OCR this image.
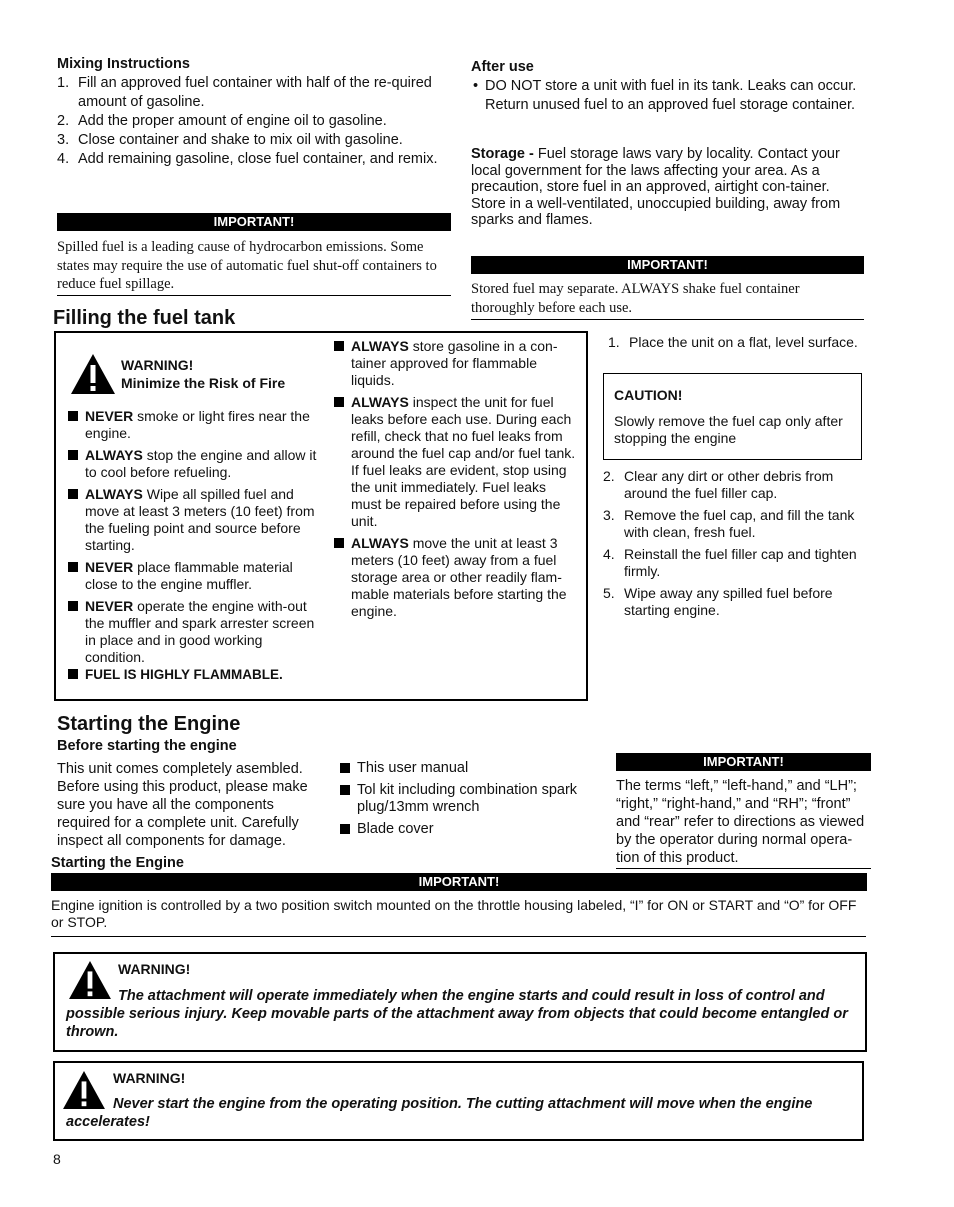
Mixing Instructions
1. Fill an approved fuel container with half of the re-quired amount of gasoline.
2. Add the proper amount of engine oil to gasoline.
3. Close container and shake to mix oil with gasoline.
4. Add remaining gasoline, close fuel container, and remix.
IMPORTANT!
Spilled fuel is a leading cause of hydrocarbon emissions. Some states may require the use of automatic fuel shut-off containers to reduce fuel spillage.
After use
• DO NOT store a unit with fuel in its tank. Leaks can occur. Return unused fuel to an approved fuel storage container.
Storage - Fuel storage laws vary by locality. Contact your local government for the laws affecting your area. As a precaution, store fuel in an approved, airtight con-tainer. Store in a well-ventilated, unoccupied building, away from sparks and flames.
IMPORTANT!
Stored fuel may separate. ALWAYS shake fuel container thoroughly before each use.
Filling the fuel tank
WARNING!
Minimize the Risk of Fire
NEVER smoke or light fires near the engine.
ALWAYS stop the engine and allow it to cool before refueling.
ALWAYS Wipe all spilled fuel and move at least 3 meters (10 feet) from the fueling point and source before starting.
NEVER place flammable material close to the engine muffler.
NEVER operate the engine with-out the muffler and spark arrester screen in place and in good working condition.
FUEL IS HIGHLY FLAMMABLE.
ALWAYS store gasoline in a con-tainer approved for flammable liquids.
ALWAYS inspect the unit for fuel leaks before each use. During each refill, check that no fuel leaks from around the fuel cap and/or fuel tank.
If fuel leaks are evident, stop using the unit immediately. Fuel leaks must be repaired before using the unit.
ALWAYS move the unit at least 3 meters (10 feet) away from a fuel storage area or other readily flam-mable materials before starting the engine.
1. Place the unit on a flat, level surface.
CAUTION!
Slowly remove the fuel cap only after stopping the engine
2. Clear any dirt or other debris from around the fuel filler cap.
3. Remove the fuel cap, and fill the tank with clean, fresh fuel.
4. Reinstall the fuel filler cap and tighten firmly.
5. Wipe away any spilled fuel before starting engine.
Starting the Engine
Before starting the engine
This unit comes completely asembled. Before using this product, please make sure you have all the components required for a complete unit. Carefully inspect all components for damage.
This user manual
Tol kit including combination spark plug/13mm wrench
Blade cover
IMPORTANT!
The terms “left,” “left-hand,” and “LH”; “right,” “right-hand,” and “RH”; “front” and “rear” refer to directions as viewed by the operator during normal opera-tion of this product.
Starting the Engine
IMPORTANT!
Engine ignition is controlled by a two position switch mounted on the throttle housing labeled, “I” for ON or START and “O” for OFF or STOP.
WARNING!
The attachment will operate immediately when the engine starts and could result in loss of control and possible serious injury. Keep movable parts of the attachment away from objects that could become entangled or thrown.
WARNING!
Never start the engine from the operating position. The cutting attachment will move when the engine accelerates!
8
